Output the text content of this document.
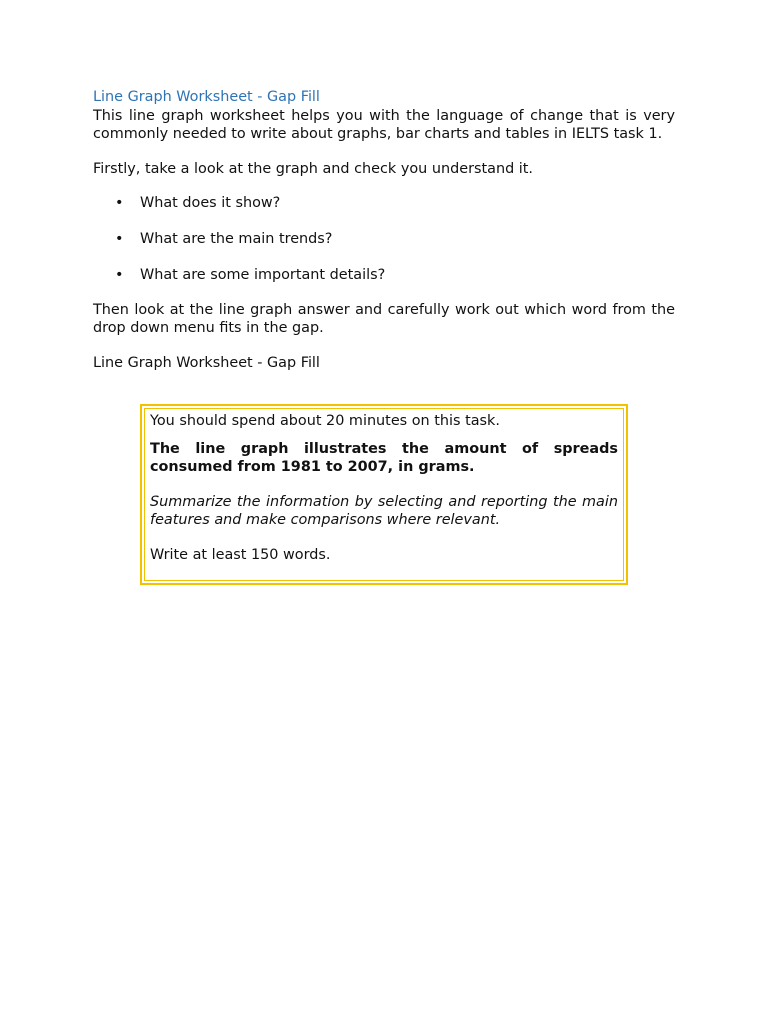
Line Graph Worksheet - Gap Fill

This line graph worksheet helps you with the language of change that is very commonly needed to write about graphs, bar charts and tables in IELTS task 1.

Firstly, take a look at the graph and check you understand it.

• What does it show?
• What are the main trends?
• What are some important details?

Then look at the line graph answer and carefully work out which word from the drop down menu fits in the gap.

Line Graph Worksheet - Gap Fill

You should spend about 20 minutes on this task.

The line graph illustrates the amount of spreads consumed from 1981 to 2007, in grams.

Summarize the information by selecting and reporting the main features and make comparisons where relevant.

Write at least 150 words.
